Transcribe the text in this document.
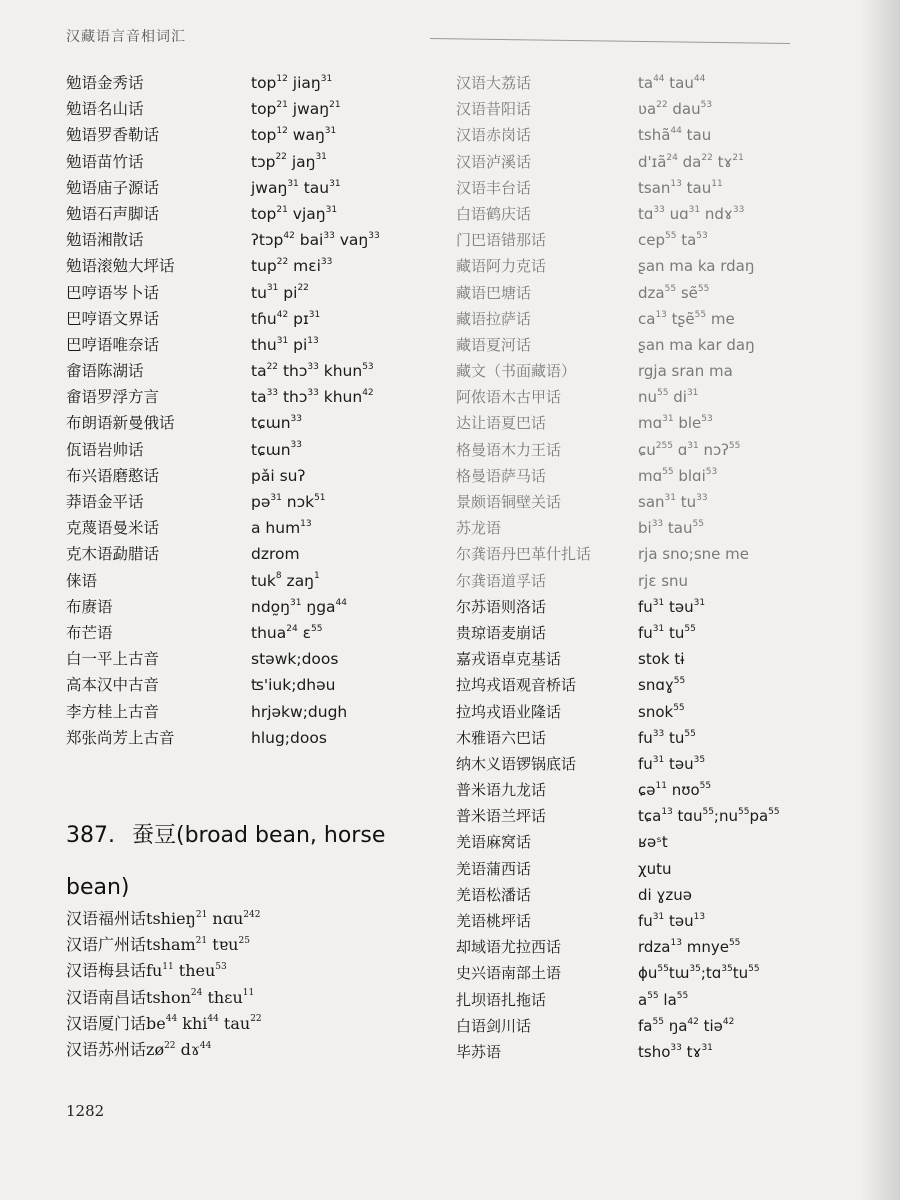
汉藏语言音相词汇
勉语金秀话	top$^{12}$ jiaŋ$^{31}$
勉语名山话	top$^{21}$ jwaŋ$^{21}$
勉语罗香勒话	top$^{12}$ waŋ$^{31}$
勉语苗竹话	tɔp$^{22}$ jaŋ$^{31}$
勉语庙子源话	jwaŋ$^{31}$ tau$^{31}$
勉语石声脚话	top$^{21}$ vjaŋ$^{31}$
勉语湘散话	ʔtɔp$^{42}$ bai$^{33}$ vaŋ$^{33}$
勉语滚勉大坪话	tup$^{22}$ mɛi$^{33}$
巴哼语岑卜话	$tu^{31}$ $pi^{22}$
巴哼语文界话	tɦu$^{42}$ pɪ$^{31}$
巴哼语唯奈话	thu$^{31}$ $pi^{13}$
畲语陈湖话	$ta^{22}$ thɔ$^{33}$ khun$^{53}$
畲语罗浮方言	$ta^{33}$ thɔ$^{33}$ khun$^{42}$
布朗语新曼俄话	tɕɯn$^{33}$
佤语岩帅话	tɕɯn$^{33}$
布兴语磨憨话	pǎi suʔ
莽语金平话	pə$^{31}$ nɔk$^{51}$
克蔑语曼米话	a hum$^{13}$
克木语勐腊话	dzrom
俫语	tuk$^8$ zaŋ$^1$
布赓语	$ndo̰ŋ^{31}$ ŋga$^{44}$
布芒语	thua$^{24}$ ɛ$^{55}$
白一平上古音	stəwk;doos
高本汉中古音	ʦ'iuk;dhəu
李方桂上古音	hrjəkw;dugh
郑张尚芳上古音	hlug;doos
387. 蚕豆(broad bean, horse bean)
汉语福州话 tshieŋ$^{21}$ nɑu$^{242}$
汉语广州话 tsham$^{21}$ tɐu$^{25}$
汉语梅县话 $fu^{11}$ theu$^{53}$
汉语南昌话 tshon$^{24}$ thɛu$^{11}$
汉语厦门话 $be^{44}$ khi$^{44}$ tau$^{22}$
汉语苏州话 $zø^{22}$ dɤ$^{44}$
汉语大荔话	$ta^{44}$ tau$^{44}$
汉语昔阳话	ʋa$^{22}$ dau$^{53}$
汉语赤岗话	tshã$^{44}$ tau
汉语泸溪话	d'ɪã$^{24}$ $da^{22}$ tɤ$^{21}$
汉语丰台话	tsan$^{13}$ tau$^{11}$
白语鹤庆话	tɑ$^{33}$ uɑ$^{31}$ ndɤ$^{33}$
门巴语错那话	cep$^{55}$ $ta^{53}$
藏语阿力克话	ʂan ma ka rdaŋ
藏语巴塘话	dza$^{55}$ sẽ$^{55}$
藏语拉萨话	$ca^{13}$ tʂẽ$^{55}$ me
藏语夏河话	ʂan ma kar daŋ
藏文（书面藏语）	rgja sran ma
阿侬语木古甲话	$nu^{55}$ $di^{31}$
达让语夏巴话	mɑ$^{31}$ ble$^{53}$
格曼语木力王话	ɕu$^{255}$ ɑ$^{31}$ nɔʔ$^{55}$
格曼语萨马话	mɑ$^{55}$ blɑi$^{53}$
景颇语铜壁关话	san$^{31}$ $tu^{33}$
苏龙语	$bi^{33}$ tau$^{55}$
尔龚语丹巴革什扎话	rja sno;sne me
尔龚语道孚话	rjɛ snu
尔苏语则洛话	$fu^{31}$ təu$^{31}$
贵琼语麦崩话	$fu^{31}$ $tu^{55}$
嘉戎语卓克基话	stok tɨ
拉坞戎语观音桥话	snɑɣ$^{55}$
拉坞戎语业隆话	snok$^{55}$
木雅语六巴话	$fu^{33}$ $tu^{55}$
纳木义语锣锅底话	$fu^{31}$ təu$^{35}$
普米语九龙话	ɕə$^{11}$ nʊo$^{55}$
普米语兰坪话	tɕa$^{13}$ $tɑu^{55};nu^{55}pa^{55}$
羌语麻窝话	ʁəˢt
羌语蒲西话	χutu
羌语松潘话	di ɣzuə
羌语桃坪话	$fu^{31}$ təu$^{13}$
却域语尤拉西话	rdza$^{13}$ mnye$^{55}$
史兴语南部土语	$ɸu^{55}tɯ^{35};tɑ^{35}tu^{55}$
扎坝语扎拖话	$a^{55}$ $la^{55}$
白语剑川话	$fa^{55}$ $ŋa^{42}$ tiə$^{42}$
毕苏语	tsho$^{33}$ tɤ$^{31}$
1282
